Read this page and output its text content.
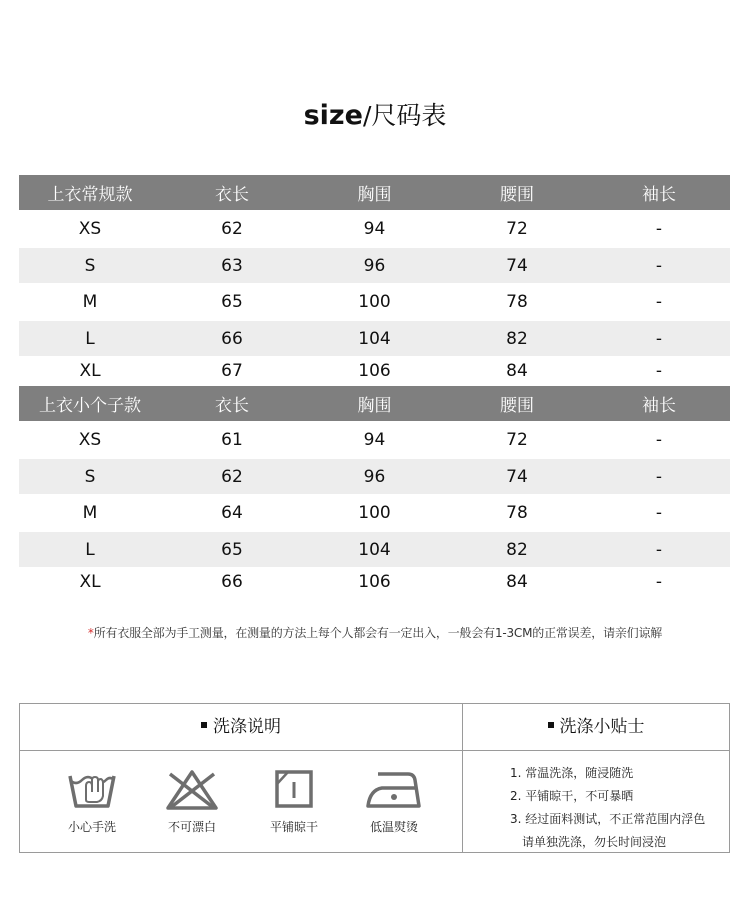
size/尺码表
上衣常规款	衣长	胸围	腰围	袖长
XS	62	94	72	-
S	63	96	74	-
M	65	100	78	-
L	66	104	82	-
XL	67	106	84	-
上衣小个子款	衣长	胸围	腰围	袖长
XS	61	94	72	-
S	62	96	74	-
M	64	100	78	-
L	65	104	82	-
XL	66	106	84	-
*所有衣服全部为手工测量，在测量的方法上每个人都会有一定出入，一般会有1-3CM的正常误差，请亲们谅解
洗涤说明	洗涤小贴士
小心手洗	不可漂白	平铺晾干	低温熨烫
1. 常温洗涤，随浸随洗
2. 平铺晾干，不可暴晒
3. 经过面料测试，不正常范围内浮色
请单独洗涤，勿长时间浸泡
